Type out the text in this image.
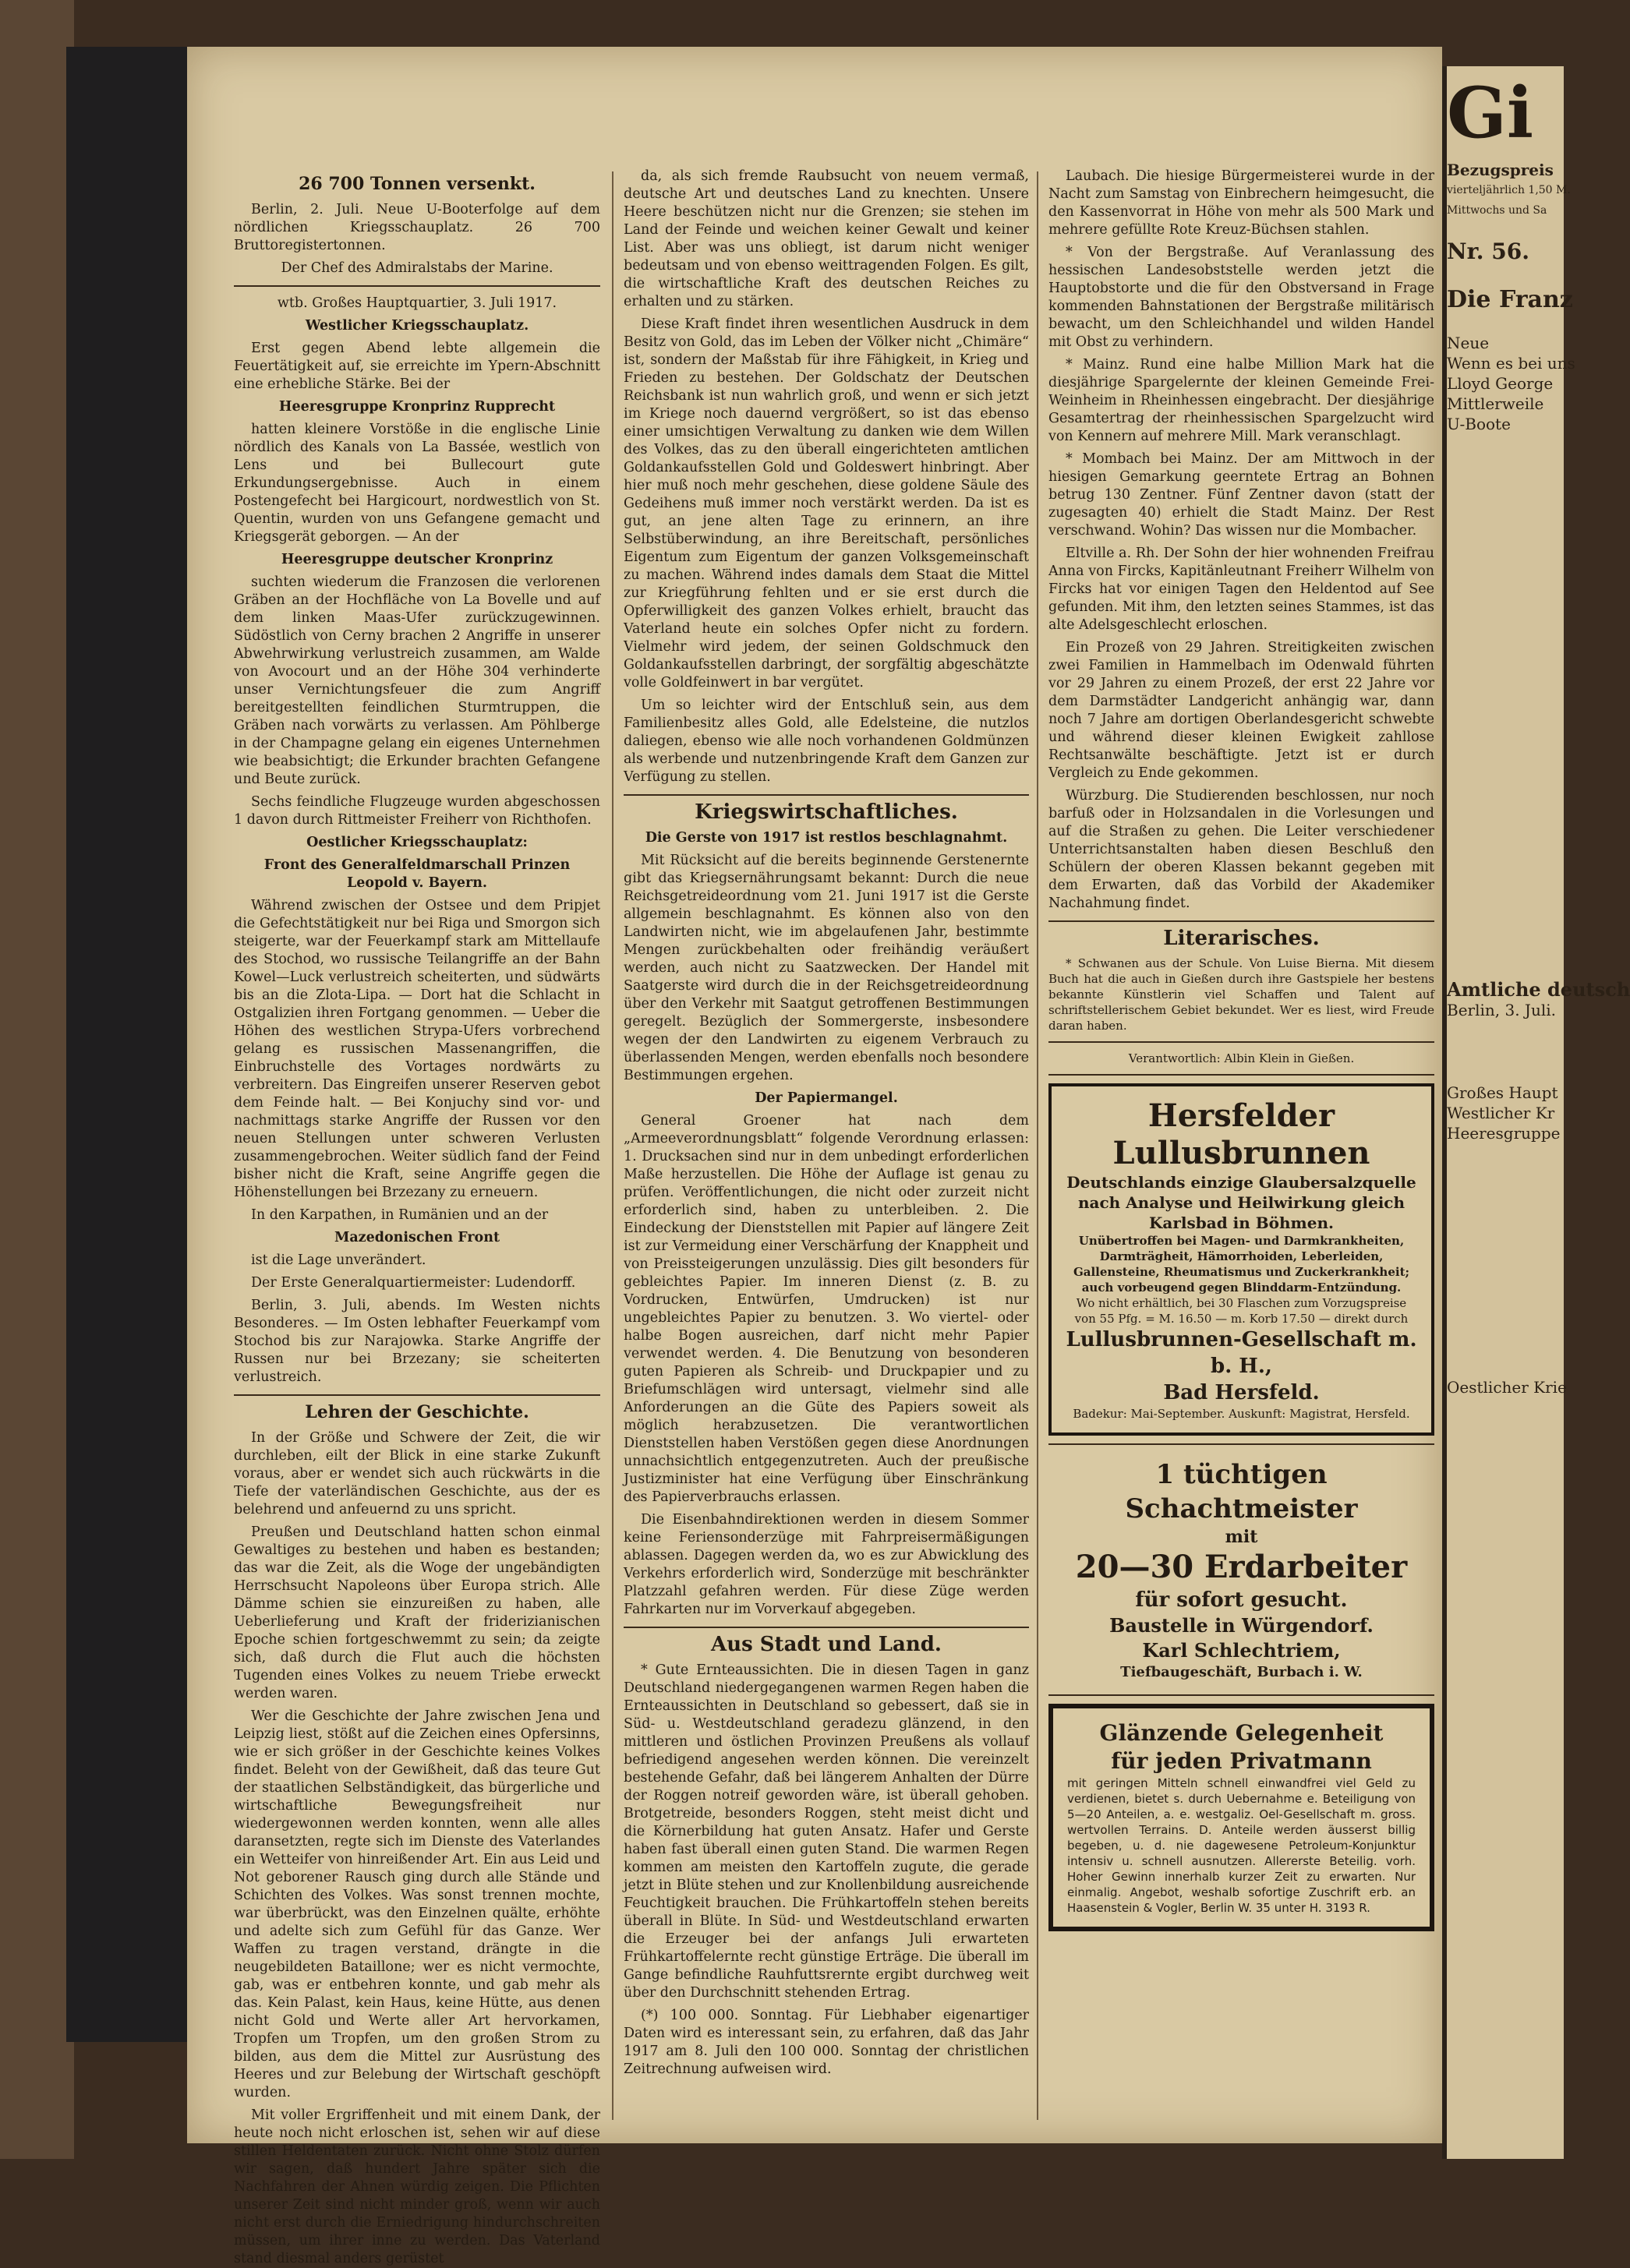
26 700 Tonnen versenkt.

Berlin, 2. Juli. Neue U-Booterfolge auf dem nördlichen Kriegsschauplatz. 26 700 Bruttoregistertonnen.

Der Chef des Admiralstabs der Marine.

wtb. Großes Hauptquartier, 3. Juli 1917.

Westlicher Kriegsschauplatz.

Erst gegen Abend lebte allgemein die Feuertätigkeit auf, sie erreichte im Ypern-Abschnitt eine erhebliche Stärke. Bei der

Heeresgruppe Kronprinz Rupprecht

hatten kleinere Vorstöße in die englische Linie nördlich des Kanals von La Bassée, westlich von Lens und bei Bullecourt gute Erkundungsergebnisse. Auch in einem Postengefecht bei Hargicourt, nordwestlich von St. Quentin, wurden von uns Gefangene gemacht und Kriegsgerät geborgen. — An der

Heeresgruppe deutscher Kronprinz

suchten wiederum die Franzosen die verlorenen Gräben an der Hochfläche von La Bovelle und auf dem linken Maas-Ufer zurückzugewinnen. Südöstlich von Cerny brachen 2 Angriffe in unserer Abwehrwirkung verlustreich zusammen, am Walde von Avocourt und an der Höhe 304 verhinderte unser Vernichtungsfeuer die zum Angriff bereitgestellten feindlichen Sturmtruppen, die Gräben nach vorwärts zu verlassen. Am Pöhlberge in der Champagne gelang ein eigenes Unternehmen wie beabsichtigt; die Erkunder brachten Gefangene und Beute zurück.

Sechs feindliche Flugzeuge wurden abgeschossen 1 davon durch Rittmeister Freiherr von Richthofen.

Oestlicher Kriegsschauplatz:

Front des Generalfeldmarschall Prinzen Leopold v. Bayern.

Während zwischen der Ostsee und dem Pripjet die Gefechtstätigkeit nur bei Riga und Smorgon sich steigerte, war der Feuerkampf stark am Mittellaufe des Stochod, wo russische Teilangriffe an der Bahn Kowel—Luck verlustreich scheiterten, und südwärts bis an die Zlota-Lipa. — Dort hat die Schlacht in Ostgalizien ihren Fortgang genommen. — Ueber die Höhen des westlichen Strypa-Ufers vorbrechend gelang es russischen Massenangriffen, die Einbruchstelle des Vortages nordwärts zu verbreitern. Das Eingreifen unserer Reserven gebot dem Feinde halt. — Bei Konjuchy sind vor- und nachmittags starke Angriffe der Russen vor den neuen Stellungen unter schweren Verlusten zusammengebrochen. Weiter südlich fand der Feind bisher nicht die Kraft, seine Angriffe gegen die Höhenstellungen bei Brzezany zu erneuern.

In den Karpathen, in Rumänien und an der

Mazedonischen Front

ist die Lage unverändert.

Der Erste Generalquartiermeister: Ludendorff.

Berlin, 3. Juli, abends. Im Westen nichts Besonderes. — Im Osten lebhafter Feuerkampf vom Stochod bis zur Narajowka. Starke Angriffe der Russen nur bei Brzezany; sie scheiterten verlustreich.

Lehren der Geschichte.

In der Größe und Schwere der Zeit, die wir durchleben, eilt der Blick in eine starke Zukunft voraus, aber er wendet sich auch rückwärts in die Tiefe der vaterländischen Geschichte, aus der es belehrend und anfeuernd zu uns spricht.

Preußen und Deutschland hatten schon einmal Gewaltiges zu bestehen und haben es bestanden; das war die Zeit, als die Woge der ungebändigten Herrschsucht Napoleons über Europa strich. Alle Dämme schien sie einzureißen zu haben, alle Ueberlieferung und Kraft der friderizianischen Epoche schien fortgeschwemmt zu sein; da zeigte sich, daß durch die Flut auch die höchsten Tugenden eines Volkes zu neuem Triebe erweckt werden waren.

Wer die Geschichte der Jahre zwischen Jena und Leipzig liest, stößt auf die Zeichen eines Opfersinns, wie er sich größer in der Geschichte keines Volkes findet. Beleht von der Gewißheit, daß das teure Gut der staatlichen Selbständigkeit, das bürgerliche und wirtschaftliche Bewegungsfreiheit nur wiedergewonnen werden konnten, wenn alle alles daransetzten, regte sich im Dienste des Vaterlandes ein Wetteifer von hinreißender Art. Ein aus Leid und Not geborener Rausch ging durch alle Stände und Schichten des Volkes. Was sonst trennen mochte, war überbrückt, was den Einzelnen quälte, erhöhte und adelte sich zum Gefühl für das Ganze. Wer Waffen zu tragen verstand, drängte in die neugebildeten Bataillone; wer es nicht vermochte, gab, was er entbehren konnte, und gab mehr als das. Kein Palast, kein Haus, keine Hütte, aus denen nicht Gold und Werte aller Art hervorkamen, Tropfen um Tropfen, um den großen Strom zu bilden, aus dem die Mittel zur Ausrüstung des Heeres und zur Belebung der Wirtschaft geschöpft wurden.

Mit voller Ergriffenheit und mit einem Dank, der heute noch nicht erloschen ist, sehen wir auf diese stillen Heldentaten zurück. Nicht ohne Stolz dürfen wir sagen, daß hundert Jahre später sich die Nachfahren der Ahnen würdig zeigen. Die Pflichten unserer Zeit sind nicht minder groß, wenn wir auch nicht erst durch die Erniedrigung hindurchschreiten müssen, um ihrer inne zu werden. Das Vaterland stand diesmal anders gerüstet

da, als sich fremde Raubsucht von neuem vermaß, deutsche Art und deutsches Land zu knechten. Unsere Heere beschützen nicht nur die Grenzen; sie stehen im Land der Feinde und weichen keiner Gewalt und keiner List. Aber was uns obliegt, ist darum nicht weniger bedeutsam und von ebenso weittragenden Folgen. Es gilt, die wirtschaftliche Kraft des deutschen Reiches zu erhalten und zu stärken.

Diese Kraft findet ihren wesentlichen Ausdruck in dem Besitz von Gold, das im Leben der Völker nicht „Chimäre“ ist, sondern der Maßstab für ihre Fähigkeit, in Krieg und Frieden zu bestehen. Der Goldschatz der Deutschen Reichsbank ist nun wahrlich groß, und wenn er sich jetzt im Kriege noch dauernd vergrößert, so ist das ebenso einer umsichtigen Verwaltung zu danken wie dem Willen des Volkes, das zu den überall eingerichteten amtlichen Goldankaufsstellen Gold und Goldeswert hinbringt. Aber hier muß noch mehr geschehen, diese goldene Säule des Gedeihens muß immer noch verstärkt werden. Da ist es gut, an jene alten Tage zu erinnern, an ihre Selbstüberwindung, an ihre Bereitschaft, persönliches Eigentum zum Eigentum der ganzen Volksgemeinschaft zu machen. Während indes damals dem Staat die Mittel zur Kriegführung fehlten und er sie erst durch die Opferwilligkeit des ganzen Volkes erhielt, braucht das Vaterland heute ein solches Opfer nicht zu fordern. Vielmehr wird jedem, der seinen Goldschmuck den Goldankaufsstellen darbringt, der sorgfältig abgeschätzte volle Goldfeinwert in bar vergütet.

Um so leichter wird der Entschluß sein, aus dem Familienbesitz alles Gold, alle Edelsteine, die nutzlos daliegen, ebenso wie alle noch vorhandenen Goldmünzen als werbende und nutzenbringende Kraft dem Ganzen zur Verfügung zu stellen.

Kriegswirtschaftliches.

Die Gerste von 1917 ist restlos beschlagnahmt.

Mit Rücksicht auf die bereits beginnende Gerstenernte gibt das Kriegsernährungsamt bekannt: Durch die neue Reichsgetreideordnung vom 21. Juni 1917 ist die Gerste allgemein beschlagnahmt. Es können also von den Landwirten nicht, wie im abgelaufenen Jahr, bestimmte Mengen zurückbehalten oder freihändig veräußert werden, auch nicht zu Saatzwecken. Der Handel mit Saatgerste wird durch die in der Reichsgetreideordnung über den Verkehr mit Saatgut getroffenen Bestimmungen geregelt. Bezüglich der Sommergerste, insbesondere wegen der den Landwirten zu eigenem Verbrauch zu überlassenden Mengen, werden ebenfalls noch besondere Bestimmungen ergehen.

Der Papiermangel.

General Groener hat nach dem „Armeeverordnungsblatt“ folgende Verordnung erlassen: 1. Drucksachen sind nur in dem unbedingt erforderlichen Maße herzustellen. Die Höhe der Auflage ist genau zu prüfen. Veröffentlichungen, die nicht oder zurzeit nicht erforderlich sind, haben zu unterbleiben. 2. Die Eindeckung der Dienststellen mit Papier auf längere Zeit ist zur Vermeidung einer Verschärfung der Knappheit und von Preissteigerungen unzulässig. Dies gilt besonders für gebleichtes Papier. Im inneren Dienst (z. B. zu Vordrucken, Entwürfen, Umdrucken) ist nur ungebleichtes Papier zu benutzen. 3. Wo viertel- oder halbe Bogen ausreichen, darf nicht mehr Papier verwendet werden. 4. Die Benutzung von besonderen guten Papieren als Schreib- und Druckpapier und zu Briefumschlägen wird untersagt, vielmehr sind alle Anforderungen an die Güte des Papiers soweit als möglich herabzusetzen. Die verantwortlichen Dienststellen haben Verstößen gegen diese Anordnungen unnachsichtlich entgegenzutreten. Auch der preußische Justizminister hat eine Verfügung über Einschränkung des Papierverbrauchs erlassen.

Die Eisenbahndirektionen werden in diesem Sommer keine Feriensonderzüge mit Fahrpreisermäßigungen ablassen. Dagegen werden da, wo es zur Abwicklung des Verkehrs erforderlich wird, Sonderzüge mit beschränkter Platzzahl gefahren werden. Für diese Züge werden Fahrkarten nur im Vorverkauf abgegeben.

Aus Stadt und Land.

* Gute Ernteaussichten. Die in diesen Tagen in ganz Deutschland niedergegangenen warmen Regen haben die Ernteaussichten in Deutschland so gebessert, daß sie in Süd- u. Westdeutschland geradezu glänzend, in den mittleren und östlichen Provinzen Preußens als vollauf befriedigend angesehen werden können. Die vereinzelt bestehende Gefahr, daß bei längerem Anhalten der Dürre der Roggen notreif geworden wäre, ist überall gehoben. Brotgetreide, besonders Roggen, steht meist dicht und die Körnerbildung hat guten Ansatz. Hafer und Gerste haben fast überall einen guten Stand. Die warmen Regen kommen am meisten den Kartoffeln zugute, die gerade jetzt in Blüte stehen und zur Knollenbildung ausreichende Feuchtigkeit brauchen. Die Frühkartoffeln stehen bereits überall in Blüte. In Süd- und Westdeutschland erwarten die Erzeuger bei der anfangs Juli erwarteten Frühkartoffelernte recht günstige Erträge. Die überall im Gange befindliche Rauhfuttsrernte ergibt durchweg weit über den Durchschnitt stehenden Ertrag.

(*) 100 000. Sonntag. Für Liebhaber eigenartiger Daten wird es interessant sein, zu erfahren, daß das Jahr 1917 am 8. Juli den 100 000. Sonntag der christlichen Zeitrechnung aufweisen wird.

Laubach. Die hiesige Bürgermeisterei wurde in der Nacht zum Samstag von Einbrechern heimgesucht, die den Kassenvorrat in Höhe von mehr als 500 Mark und mehrere gefüllte Rote Kreuz-Büchsen stahlen.

* Von der Bergstraße. Auf Veranlassung des hessischen Landesobststelle werden jetzt die Hauptobstorte und die für den Obstversand in Frage kommenden Bahnstationen der Bergstraße militärisch bewacht, um den Schleichhandel und wilden Handel mit Obst zu verhindern.

* Mainz. Rund eine halbe Million Mark hat die diesjährige Spargelernte der kleinen Gemeinde Frei-Weinheim in Rheinhessen eingebracht. Der diesjährige Gesamtertrag der rheinhessischen Spargelzucht wird von Kennern auf mehrere Mill. Mark veranschlagt.

* Mombach bei Mainz. Der am Mittwoch in der hiesigen Gemarkung geerntete Ertrag an Bohnen betrug 130 Zentner. Fünf Zentner davon (statt der zugesagten 40) erhielt die Stadt Mainz. Der Rest verschwand. Wohin? Das wissen nur die Mombacher.

Eltville a. Rh. Der Sohn der hier wohnenden Freifrau Anna von Fircks, Kapitänleutnant Freiherr Wilhelm von Fircks hat vor einigen Tagen den Heldentod auf See gefunden. Mit ihm, den letzten seines Stammes, ist das alte Adelsgeschlecht erloschen.

Ein Prozeß von 29 Jahren. Streitigkeiten zwischen zwei Familien in Hammelbach im Odenwald führten vor 29 Jahren zu einem Prozeß, der erst 22 Jahre vor dem Darmstädter Landgericht anhängig war, dann noch 7 Jahre am dortigen Oberlandesgericht schwebte und während dieser kleinen Ewigkeit zahllose Rechtsanwälte beschäftigte. Jetzt ist er durch Vergleich zu Ende gekommen.

Würzburg. Die Studierenden beschlossen, nur noch barfuß oder in Holzsandalen in die Vorlesungen und auf die Straßen zu gehen. Die Leiter verschiedener Unterrichtsanstalten haben diesen Beschluß den Schülern der oberen Klassen bekannt gegeben mit dem Erwarten, daß das Vorbild der Akademiker Nachahmung findet.

Literarisches.

* Schwanen aus der Schule. Von Luise Bierna. Mit diesem Buch hat die auch in Gießen durch ihre Gastspiele her bestens bekannte Künstlerin viel Schaffen und Talent auf schriftstellerischem Gebiet bekundet. Wer es liest, wird Freude daran haben.

Verantwortlich: Albin Klein in Gießen.

Hersfelder Lullusbrunnen
Deutschlands einzige Glaubersalzquelle nach Analyse und Heilwirkung gleich Karlsbad in Böhmen.
Unübertroffen bei Magen- und Darmkrankheiten, Darmträgheit, Hämorrhoiden, Leberleiden, Gallensteine, Rheumatismus und Zuckerkrankheit; auch vorbeugend gegen Blinddarm-Entzündung.
Wo nicht erhältlich, bei 30 Flaschen zum Vorzugspreise von 55 Pfg. = M. 16.50 — m. Korb 17.50 — direkt durch
Lullusbrunnen-Gesellschaft m. b. H.,
Bad Hersfeld.
Badekur: Mai-September. Auskunft: Magistrat, Hersfeld.
1 tüchtigen Schachtmeister
mit
20—30 Erdarbeiter
für sofort gesucht.
Baustelle in Würgendorf.
Karl Schlechtriem,
Tiefbaugeschäft, Burbach i. W.
Glänzende Gelegenheit
für jeden Privatmann
mit geringen Mitteln schnell einwandfrei viel Geld zu verdienen, bietet s. durch Uebernahme e. Beteiligung von 5—20 Anteilen, a. e. westgaliz. Oel-Gesellschaft m. gross. wertvollen Terrains. D. Anteile werden äusserst billig begeben, u. d. nie dagewesene Petroleum-Konjunktur intensiv u. schnell ausnutzen. Allererste Beteilig. vorh. Hoher Gewinn innerhalb kurzer Zeit zu erwarten. Nur einmalig. Angebot, weshalb sofortige Zuschrift erb. an Haasenstein & Vogler, Berlin W. 35 unter H. 3193 R.
Gi
Bezugspreis
vierteljährlich 1,50 M.
Mittwochs und Sa
Nr. 56.
Die Franz
Neue
Wenn es bei uns
Lloyd George
Mittlerweile
U-Boote
Amtliche deutsch
Berlin, 3. Juli.
Großes Haupt
Westlicher Kr
Heeresgruppe
Oestlicher Krie
